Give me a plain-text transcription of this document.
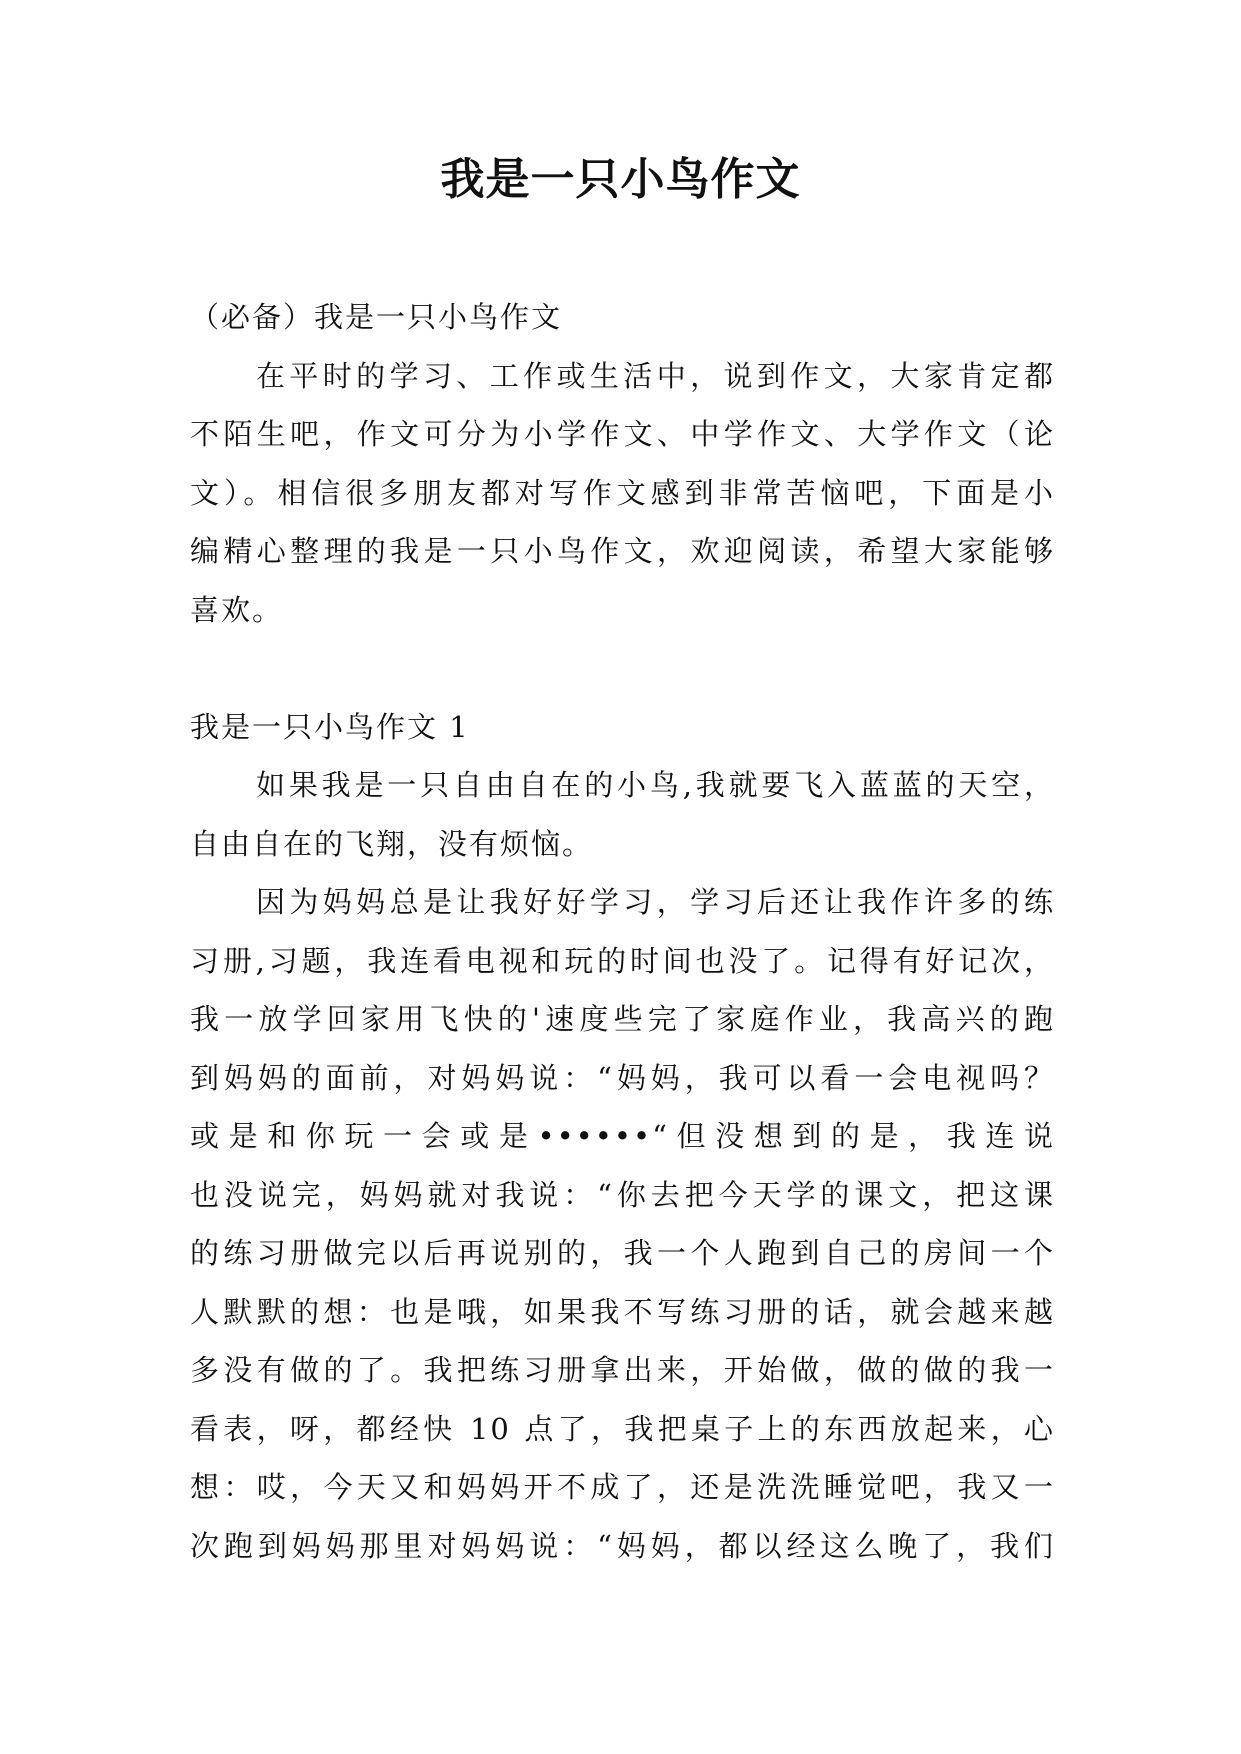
我是一只小鸟作文
（必备）我是一只小鸟作文
在平时的学习、工作或生活中，说到作文，大家肯定都
不陌生吧，作文可分为小学作文、中学作文、大学作文（论
文）。相信很多朋友都对写作文感到非常苦恼吧，下面是小
编精心整理的我是一只小鸟作文，欢迎阅读，希望大家能够
喜欢。
我是一只小鸟作文 1
如果我是一只自由自在的小鸟,我就要飞入蓝蓝的天空，
自由自在的飞翔，没有烦恼。
因为妈妈总是让我好好学习，学习后还让我作许多的练
习册,习题，我连看电视和玩的时间也没了。记得有好记次，
我一放学回家用飞快的'速度些完了家庭作业，我高兴的跑
到妈妈的面前，对妈妈说：“妈妈，我可以看一会电视吗？
或是和你玩一会或是••••••“但没想到的是，我连说
也没说完，妈妈就对我说：“你去把今天学的课文，把这课
的练习册做完以后再说别的，我一个人跑到自己的房间一个
人默默的想：也是哦，如果我不写练习册的话，就会越来越
多没有做的了。我把练习册拿出来，开始做，做的做的我一
看表，呀，都经快 10 点了，我把桌子上的东西放起来，心
想：哎，今天又和妈妈开不成了，还是洗洗睡觉吧，我又一
次跑到妈妈那里对妈妈说：“妈妈，都以经这么晚了，我们
